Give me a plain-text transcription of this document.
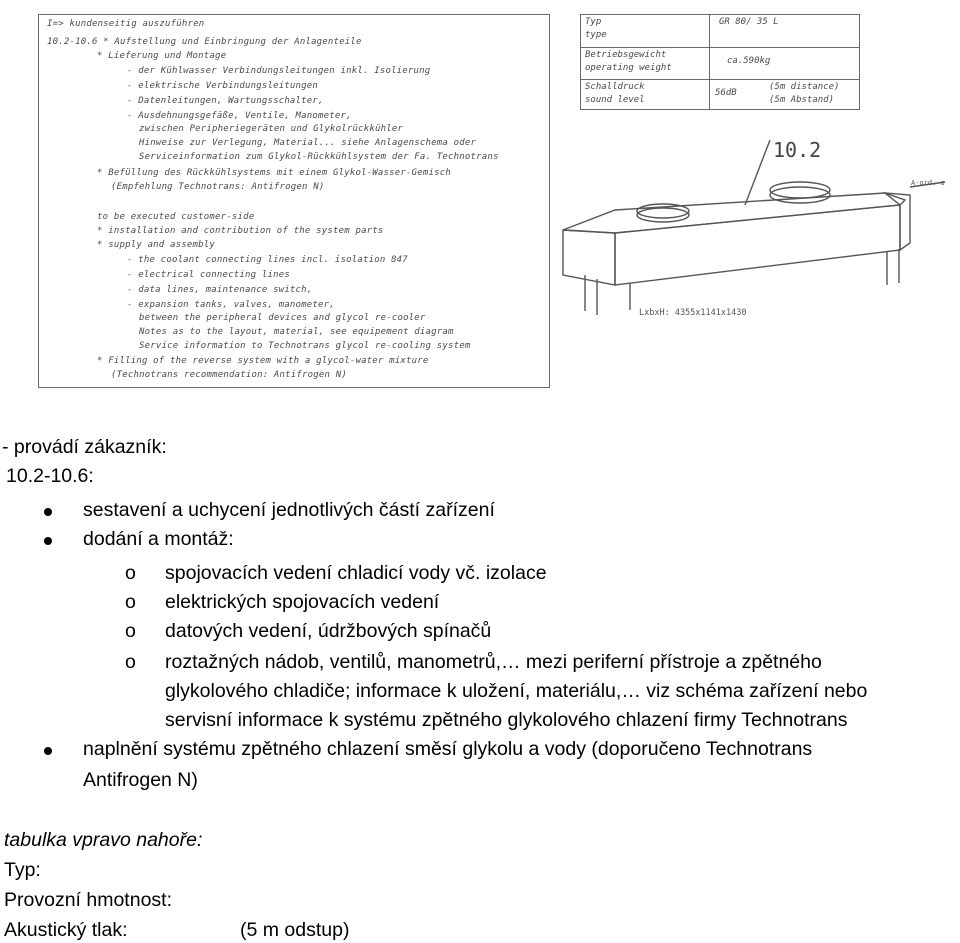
I=> kundenseitig auszuführen
10.2-10.6 * Aufstellung und Einbringung der Anlagenteile
* Lieferung und Montage
- der Kühlwasser Verbindungsleitungen inkl. Isolierung
- elektrische Verbindungsleitungen
- Datenleitungen, Wartungsschalter,
- Ausdehnungsgefäße, Ventile, Manometer,
zwischen Peripheriegeräten und Glykolrückkühler
Hinweise zur Verlegung, Material... siehe Anlagenschema oder
Serviceinformation zum Glykol-Rückkühlsystem der Fa. Technotrans
* Befüllung des Rückkühlsystems mit einem Glykol-Wasser-Gemisch
(Empfehlung Technotrans: Antifrogen N)
to be executed customer-side
* installation and contribution of the system parts
* supply and assembly
- the coolant connecting lines incl. isolation 847
- electrical connecting lines
- data lines, maintenance switch,
- expansion tanks, valves, manometer,
between the peripheral devices and glycol re-cooler
Notes as to the layout, material, see equipement diagram
Service information to Technotrans glycol re-cooling system
* Filling of the reverse system with a glycol-water mixture
(Technotrans recommendation: Antifrogen N)
Typ
type
GR 80/ 35 L
Betriebsgewicht
operating weight
ca.590kg
Schalldruck
sound level
56dB
(5m distance)
(5m Abstand)
10.2
A-ord. a
LxbxH: 4355x1141x1430
- provádí zákazník:
10.2-10.6:
sestavení a uchycení jednotlivých částí zařízení
dodání a montáž:
o spojovacích vedení chladicí vody vč. izolace
o elektrických spojovacích vedení
o datových vedení, údržbových spínačů
o roztažných nádob, ventilů, manometrů,… mezi periferní přístroje a zpětného
glykolového chladiče; informace k uložení, materiálu,… viz schéma zařízení nebo
servisní informace k systému zpětného glykolového chlazení firmy Technotrans
naplnění systému zpětného chlazení směsí glykolu a vody (doporučeno Technotrans
Antifrogen N)
tabulka vpravo nahoře:
Typ:
Provozní hmotnost:
Akustický tlak:	(5 m odstup)
